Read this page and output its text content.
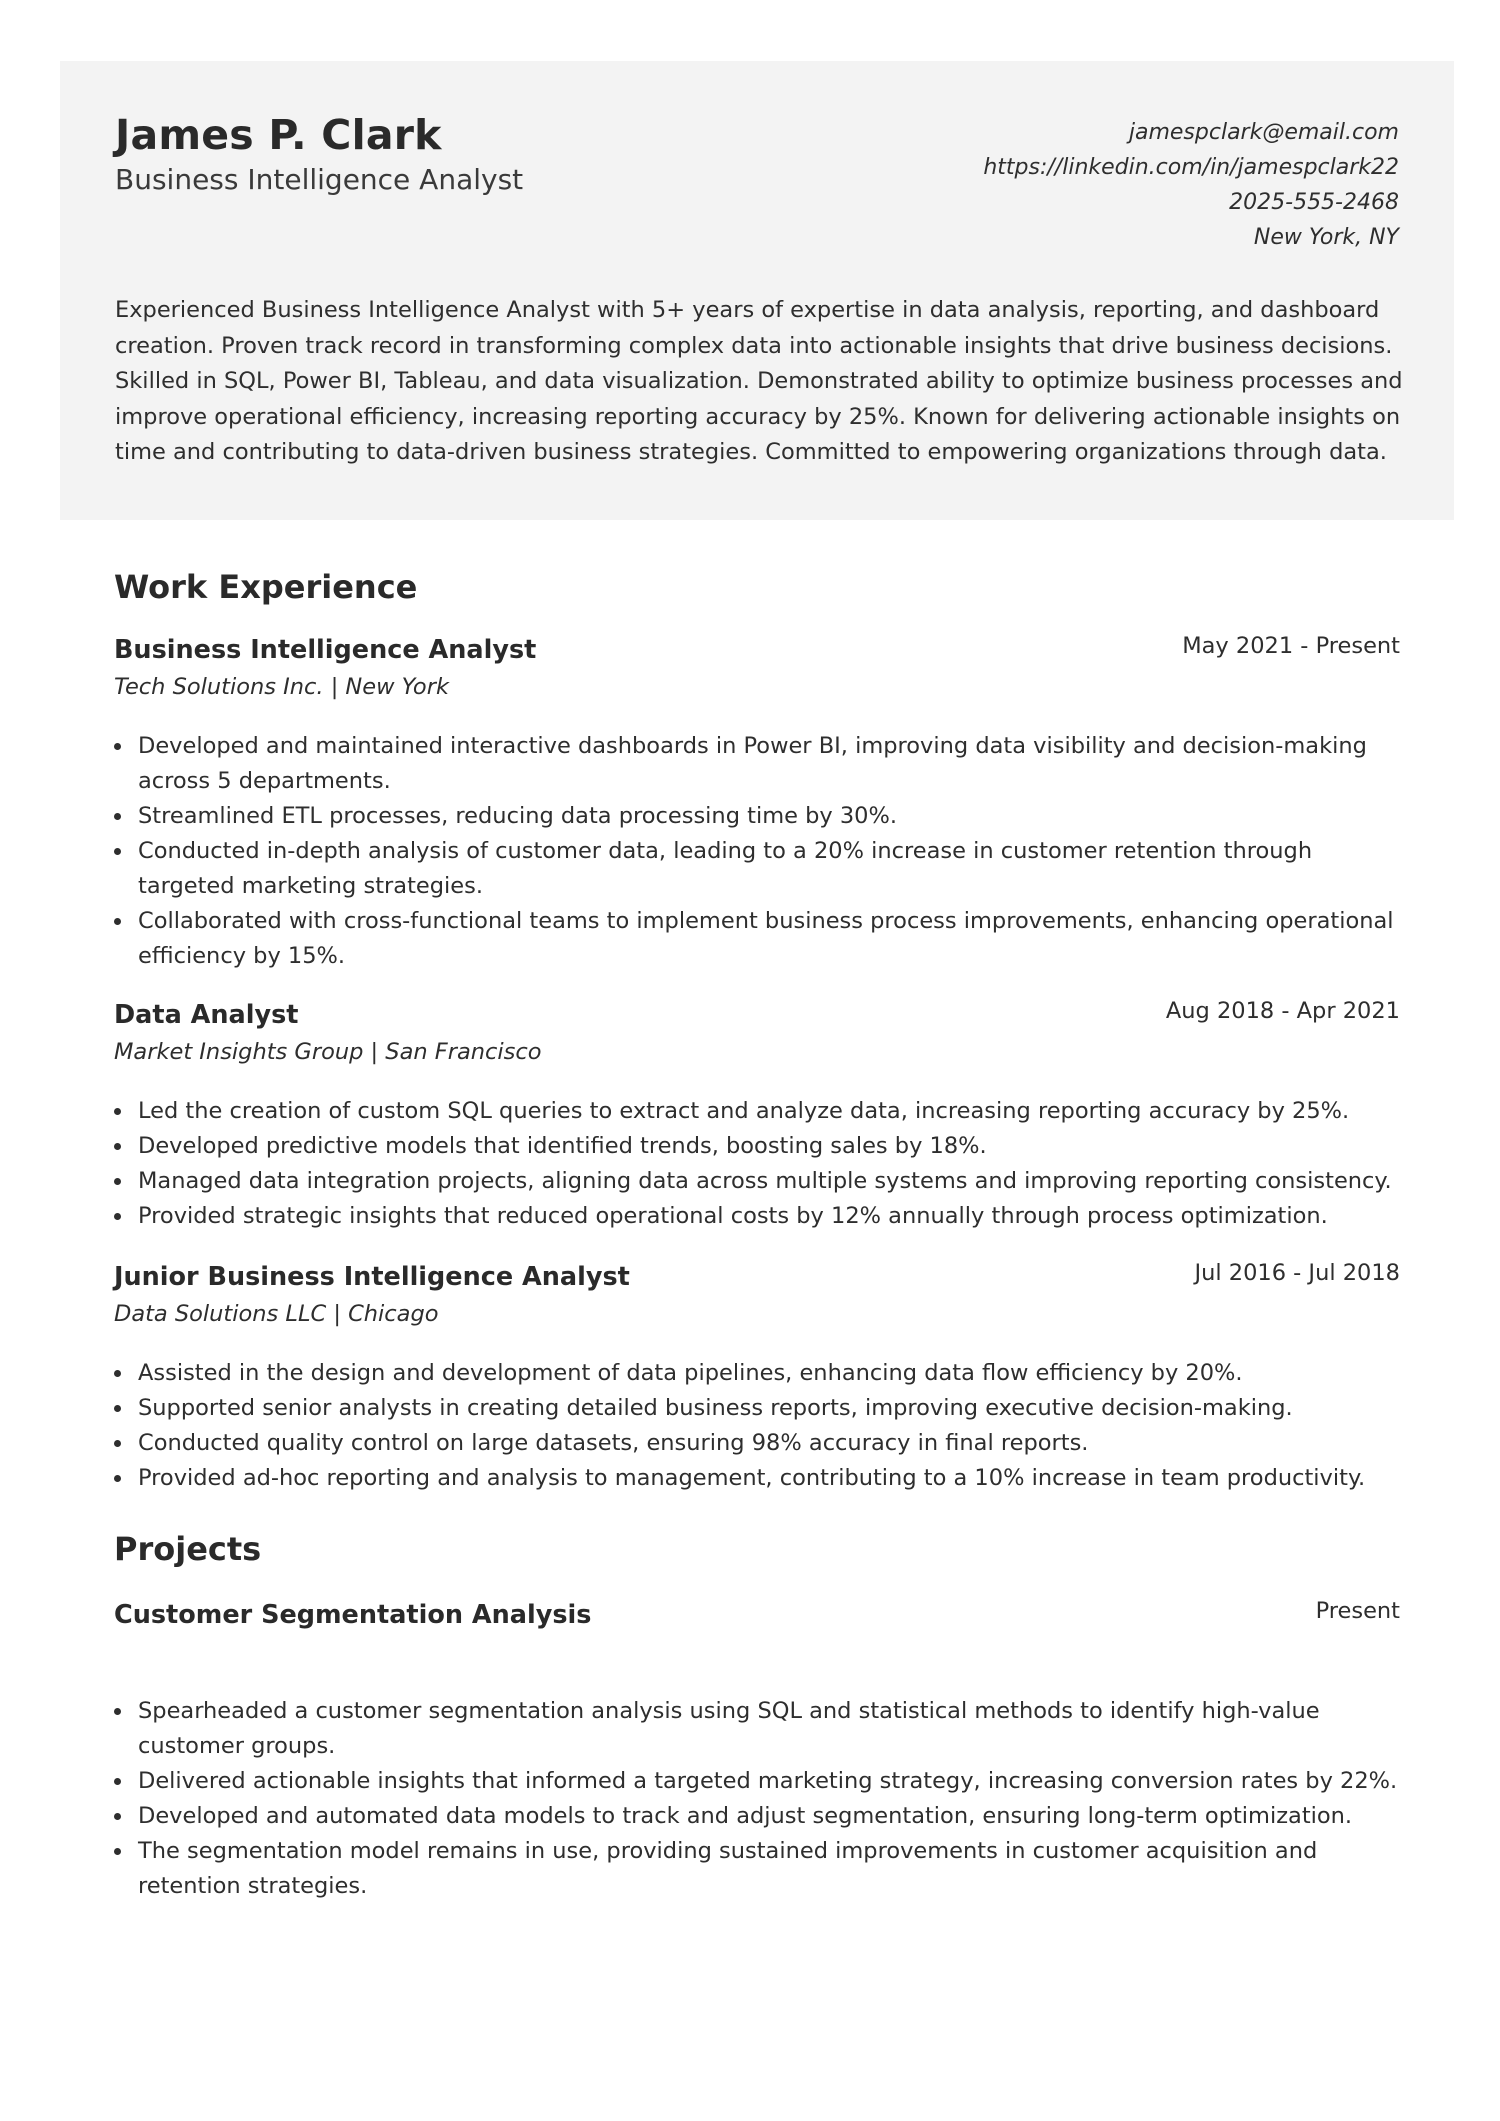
James P. Clark
Business Intelligence Analyst
jamespclark@email.com
https://linkedin.com/in/jamespclark22
2025-555-2468
New York, NY
Experienced Business Intelligence Analyst with 5+ years of expertise in data analysis, reporting, and dashboard creation. Proven track record in transforming complex data into actionable insights that drive business decisions. Skilled in SQL, Power BI, Tableau, and data visualization. Demonstrated ability to optimize business processes and improve operational efficiency, increasing reporting accuracy by 25%. Known for delivering actionable insights on time and contributing to data-driven business strategies. Committed to empowering organizations through data.
Work Experience
Business Intelligence Analyst	May 2021 - Present
Tech Solutions Inc. | New York
Developed and maintained interactive dashboards in Power BI, improving data visibility and decision-making across 5 departments.
Streamlined ETL processes, reducing data processing time by 30%.
Conducted in-depth analysis of customer data, leading to a 20% increase in customer retention through targeted marketing strategies.
Collaborated with cross-functional teams to implement business process improvements, enhancing operational efficiency by 15%.
Data Analyst	Aug 2018 - Apr 2021
Market Insights Group | San Francisco
Led the creation of custom SQL queries to extract and analyze data, increasing reporting accuracy by 25%.
Developed predictive models that identified trends, boosting sales by 18%.
Managed data integration projects, aligning data across multiple systems and improving reporting consistency.
Provided strategic insights that reduced operational costs by 12% annually through process optimization.
Junior Business Intelligence Analyst	Jul 2016 - Jul 2018
Data Solutions LLC | Chicago
Assisted in the design and development of data pipelines, enhancing data flow efficiency by 20%.
Supported senior analysts in creating detailed business reports, improving executive decision-making.
Conducted quality control on large datasets, ensuring 98% accuracy in final reports.
Provided ad-hoc reporting and analysis to management, contributing to a 10% increase in team productivity.
Projects
Customer Segmentation Analysis	Present
Spearheaded a customer segmentation analysis using SQL and statistical methods to identify high-value customer groups.
Delivered actionable insights that informed a targeted marketing strategy, increasing conversion rates by 22%.
Developed and automated data models to track and adjust segmentation, ensuring long-term optimization.
The segmentation model remains in use, providing sustained improvements in customer acquisition and retention strategies.
